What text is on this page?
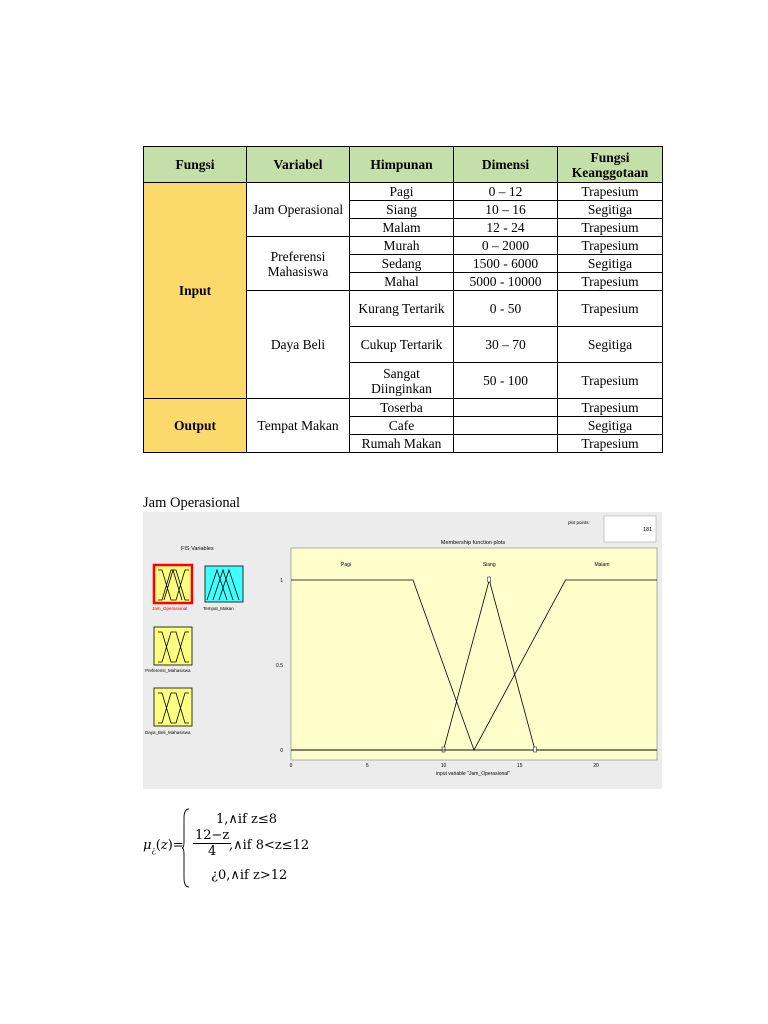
Fungsi	Variabel	Himpunan	Dimensi	Fungsi Keanggotaan
Input	Jam Operasional	Pagi	0 – 12	Trapesium
		Siang	10 – 16	Segitiga
		Malam	12 - 24	Trapesium
	Preferensi Mahasiswa	Murah	0 – 2000	Trapesium
		Sedang	1500 - 6000	Segitiga
		Mahal	5000 - 10000	Trapesium
	Daya Beli	Kurang Tertarik	0 - 50	Trapesium
		Cukup Tertarik	30 – 70	Segitiga
		Sangat Diinginkan	50 - 100	Trapesium
Output	Tempat Makan	Toserba		Trapesium
		Cafe		Segitiga
		Rumah Makan		Trapesium
Jam Operasional
FIS Variables
Jam_Operasional	Tempat_Makan
Preferensi_Mahasiswa
Daya_Beli_Mahasiswa
plot points:
181
Membership function plots
Pagi	Siang	Malam
0	5	10	15	20
0
0.5
1
input variable "Jam_Operasional"
$\mu_¿(z)=$
1,∧if z≤8
$\frac{12-z}{4}$
,∧if 8<z≤12
¿0,∧if z>12
